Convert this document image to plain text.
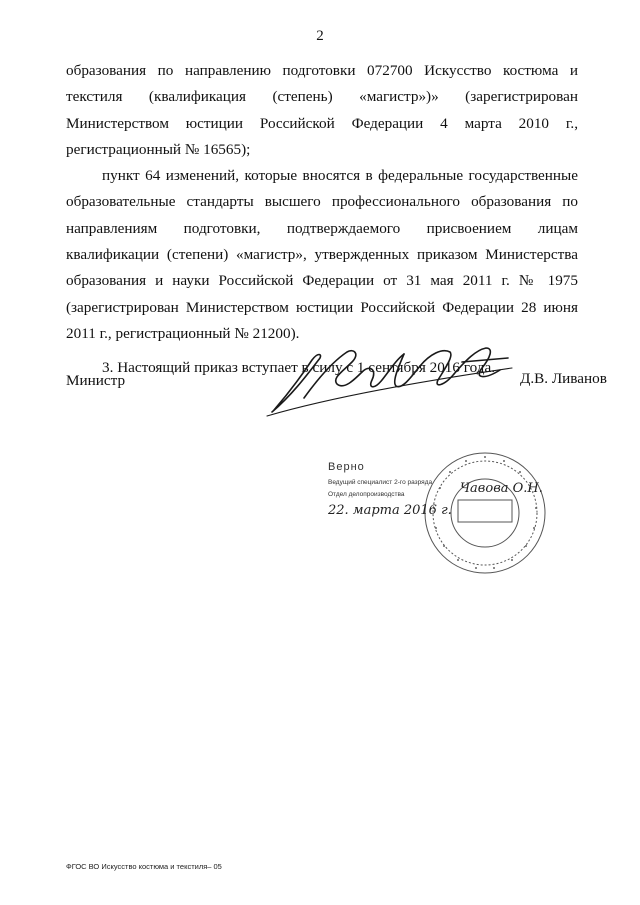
2

образования по направлению подготовки 072700 Искусство костюма и текстиля (квалификация (степень) «магистр»)» (зарегистрирован Министерством юстиции Российской Федерации 4 марта 2010 г., регистрационный № 16565);

пункт 64 изменений, которые вносятся в федеральные государственные образовательные стандарты высшего профессионального образования по направлениям подготовки, подтверждаемого присвоением лицам квалификации (степени) «магистр», утвержденных приказом Министерства образования и науки Российской Федерации от 31 мая 2011 г. № 1975 (зарегистрирован Министерством юстиции Российской Федерации 28 июня 2011 г., регистрационный № 21200).

3. Настоящий приказ вступает в силу с 1 сентября 2016 года.

Министр	Д.В. Ливанов
Верно
Ведущий специалист 2-го разряда
Отдел делопроизводства	Чавова О.Н.
22. марта 2016 г.
ФГОС ВО Искусство костюма и текстиля– 05
